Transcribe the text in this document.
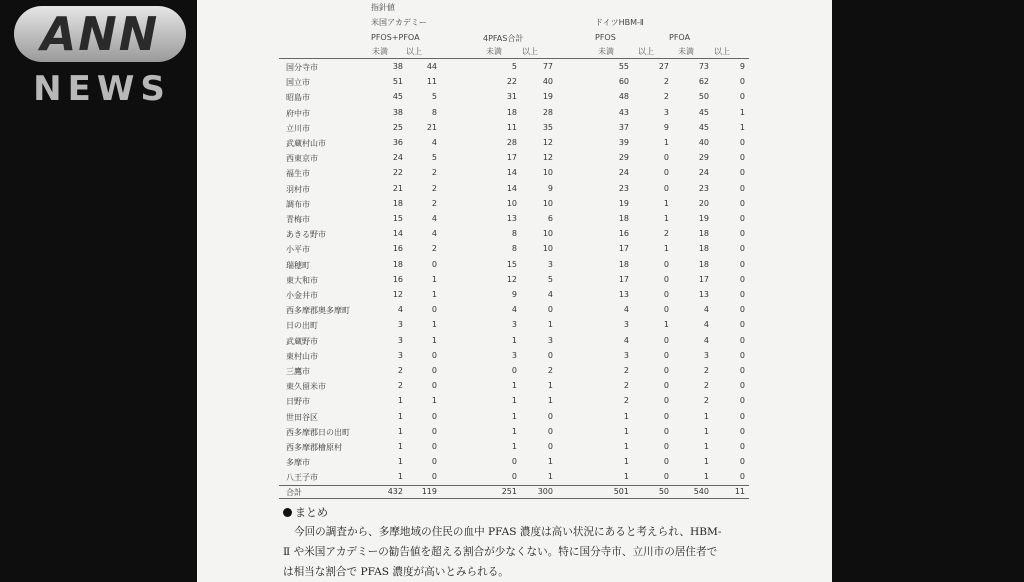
ANN
NEWS
指針値
米国アカデミー
PFOS+PFOA	4PFAS合計
ドイツHBM-Ⅱ
PFOS	PFOA
未満 以上	未満	以上	未満	以上	未満	以上
国分寺市	38	44	5	77	55	27	73	9
国立市	51	11	22	40	60	2	62	0
昭島市	45	5	31	19	48	2	50	0
府中市	38	8	18	28	43	3	45	1
立川市	25	21	11	35	37	9	45	1
武蔵村山市	36	4	28	12	39	1	40	0
西東京市	24	5	17	12	29	0	29	0
福生市	22	2	14	10	24	0	24	0
羽村市	21	2	14	9	23	0	23	0
調布市	18	2	10	10	19	1	20	0
青梅市	15	4	13	6	18	1	19	0
あきる野市	14	4	8	10	16	2	18	0
小平市	16	2	8	10	17	1	18	0
瑞穂町	18	0	15	3	18	0	18	0
東大和市	16	1	12	5	17	0	17	0
小金井市	12	1	9	4	13	0	13	0
西多摩郡奥多摩町	4	0	4	0	4	0	4	0
日の出町	3	1	3	1	3	1	4	0
武蔵野市	3	1	1	3	4	0	4	0
東村山市	3	0	3	0	3	0	3	0
三鷹市	2	0	0	2	2	0	2	0
東久留米市	2	0	1	1	2	0	2	0
日野市	1	1	1	1	2	0	2	0
世田谷区	1	0	1	0	1	0	1	0
西多摩郡日の出町	1	0	1	0	1	0	1	0
西多摩郡檜原村	1	0	1	0	1	0	1	0
多摩市	1	0	0	1	1	0	1	0
八王子市	1	0	0	1	1	0	1	0
合計	432	119	251	300	501	50	540	11
まとめ
今回の調査から、多摩地域の住民の血中 PFAS 濃度は高い状況にあると考えられ、HBM-
Ⅱ や米国アカデミーの勧告値を超える割合が少なくない。特に国分寺市、立川市の居住者で
は相当な割合で PFAS 濃度が高いとみられる。
